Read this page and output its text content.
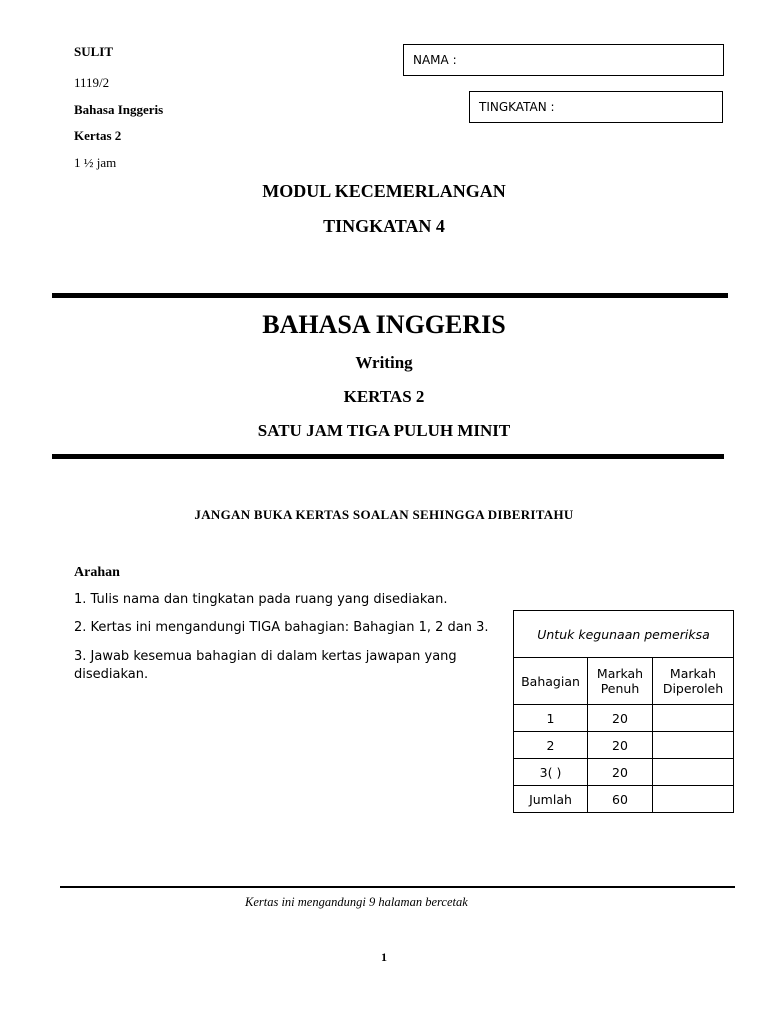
SULIT
1119/2
Bahasa Inggeris
Kertas 2
1 ½ jam
NAMA :
TINGKATAN :
MODUL KECEMERLANGAN
TINGKATAN 4
BAHASA INGGERIS
Writing
KERTAS 2
SATU JAM TIGA PULUH MINIT
JANGAN BUKA KERTAS SOALAN SEHINGGA DIBERITAHU
Arahan
1. Tulis nama dan tingkatan pada ruang yang disediakan.
2. Kertas ini mengandungi TIGA bahagian: Bahagian 1, 2 dan 3.
3. Jawab kesemua bahagian di dalam kertas jawapan yang disediakan.
Untuk kegunaan pemeriksa		
Bahagian	Markah Penuh	Markah Diperoleh
1	20	
2	20	
3( )	20	
Jumlah	60	
Kertas ini mengandungi 9 halaman bercetak
1
